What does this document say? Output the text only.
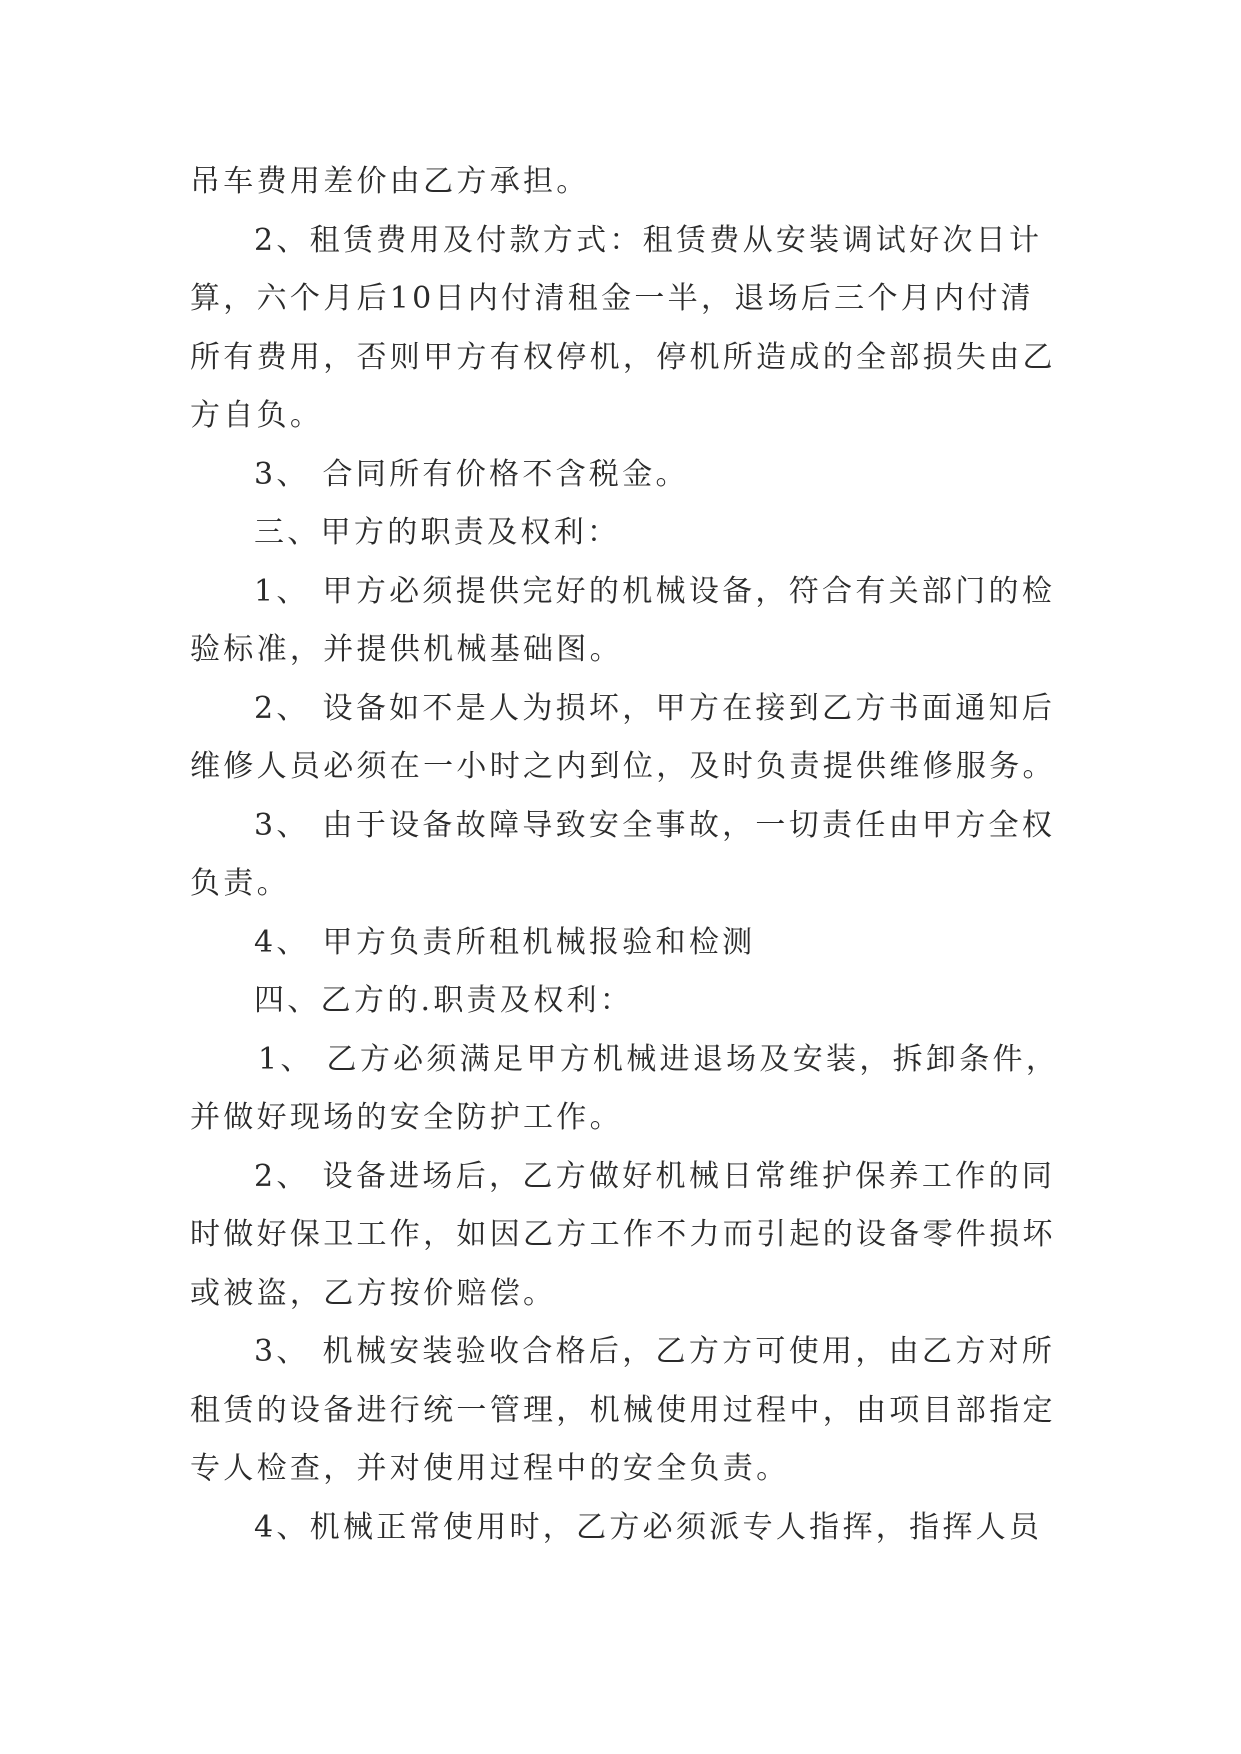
吊车费用差价由乙方承担。
2、租赁费用及付款方式：租赁费从安装调试好次日计
算，六个月后10日内付清租金一半，退场后三个月内付清
所有费用，否则甲方有权停机，停机所造成的全部损失由乙
方自负。
3、 合同所有价格不含税金。
三、甲方的职责及权利：
1、 甲方必须提供完好的机械设备，符合有关部门的检
验标准，并提供机械基础图。
2、 设备如不是人为损坏，甲方在接到乙方书面通知后
维修人员必须在一小时之内到位，及时负责提供维修服务。
3、 由于设备故障导致安全事故，一切责任由甲方全权
负责。
4、 甲方负责所租机械报验和检测
四、乙方的.职责及权利：
1、 乙方必须满足甲方机械进退场及安装，拆卸条件，
并做好现场的安全防护工作。
2、 设备进场后，乙方做好机械日常维护保养工作的同
时做好保卫工作，如因乙方工作不力而引起的设备零件损坏
或被盗，乙方按价赔偿。
3、 机械安装验收合格后，乙方方可使用，由乙方对所
租赁的设备进行统一管理，机械使用过程中，由项目部指定
专人检查，并对使用过程中的安全负责。
4、机械正常使用时，乙方必须派专人指挥，指挥人员
